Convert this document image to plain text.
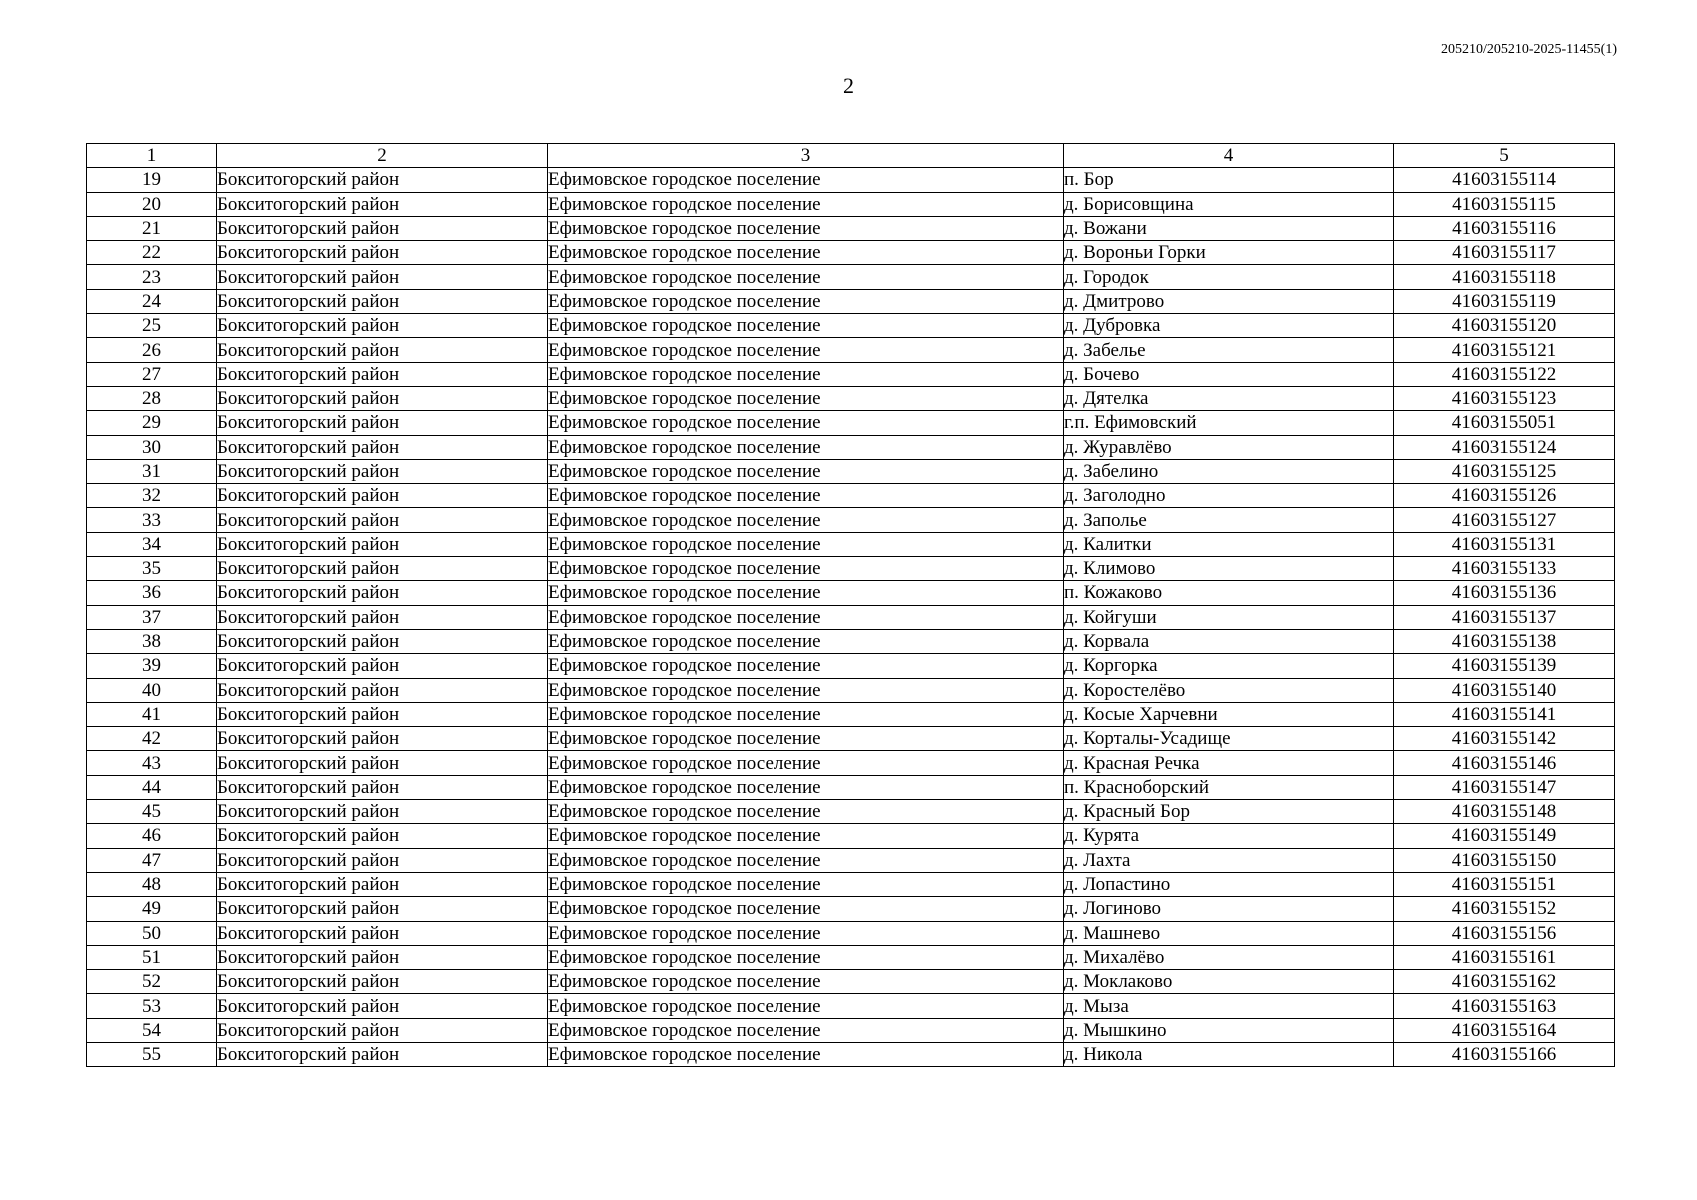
205210/205210-2025-11455(1)
2
1	2	3	4	5
19	Бокситогорский район	Ефимовское городское поселение	п. Бор	41603155114
20	Бокситогорский район	Ефимовское городское поселение	д. Борисовщина	41603155115
21	Бокситогорский район	Ефимовское городское поселение	д. Вожани	41603155116
22	Бокситогорский район	Ефимовское городское поселение	д. Вороньи Горки	41603155117
23	Бокситогорский район	Ефимовское городское поселение	д. Городок	41603155118
24	Бокситогорский район	Ефимовское городское поселение	д. Дмитрово	41603155119
25	Бокситогорский район	Ефимовское городское поселение	д. Дубровка	41603155120
26	Бокситогорский район	Ефимовское городское поселение	д. Забелье	41603155121
27	Бокситогорский район	Ефимовское городское поселение	д. Бочево	41603155122
28	Бокситогорский район	Ефимовское городское поселение	д. Дятелка	41603155123
29	Бокситогорский район	Ефимовское городское поселение	г.п. Ефимовский	41603155051
30	Бокситогорский район	Ефимовское городское поселение	д. Журавлёво	41603155124
31	Бокситогорский район	Ефимовское городское поселение	д. Забелино	41603155125
32	Бокситогорский район	Ефимовское городское поселение	д. Заголодно	41603155126
33	Бокситогорский район	Ефимовское городское поселение	д. Заполье	41603155127
34	Бокситогорский район	Ефимовское городское поселение	д. Калитки	41603155131
35	Бокситогорский район	Ефимовское городское поселение	д. Климово	41603155133
36	Бокситогорский район	Ефимовское городское поселение	п. Кожаково	41603155136
37	Бокситогорский район	Ефимовское городское поселение	д. Койгуши	41603155137
38	Бокситогорский район	Ефимовское городское поселение	д. Корвала	41603155138
39	Бокситогорский район	Ефимовское городское поселение	д. Коргорка	41603155139
40	Бокситогорский район	Ефимовское городское поселение	д. Коростелёво	41603155140
41	Бокситогорский район	Ефимовское городское поселение	д. Косые Харчевни	41603155141
42	Бокситогорский район	Ефимовское городское поселение	д. Корталы-Усадище	41603155142
43	Бокситогорский район	Ефимовское городское поселение	д. Красная Речка	41603155146
44	Бокситогорский район	Ефимовское городское поселение	п. Красноборский	41603155147
45	Бокситогорский район	Ефимовское городское поселение	д. Красный Бор	41603155148
46	Бокситогорский район	Ефимовское городское поселение	д. Курята	41603155149
47	Бокситогорский район	Ефимовское городское поселение	д. Лахта	41603155150
48	Бокситогорский район	Ефимовское городское поселение	д. Лопастино	41603155151
49	Бокситогорский район	Ефимовское городское поселение	д. Логиново	41603155152
50	Бокситогорский район	Ефимовское городское поселение	д. Машнево	41603155156
51	Бокситогорский район	Ефимовское городское поселение	д. Михалёво	41603155161
52	Бокситогорский район	Ефимовское городское поселение	д. Моклаково	41603155162
53	Бокситогорский район	Ефимовское городское поселение	д. Мыза	41603155163
54	Бокситогорский район	Ефимовское городское поселение	д. Мышкино	41603155164
55	Бокситогорский район	Ефимовское городское поселение	д. Никола	41603155166
